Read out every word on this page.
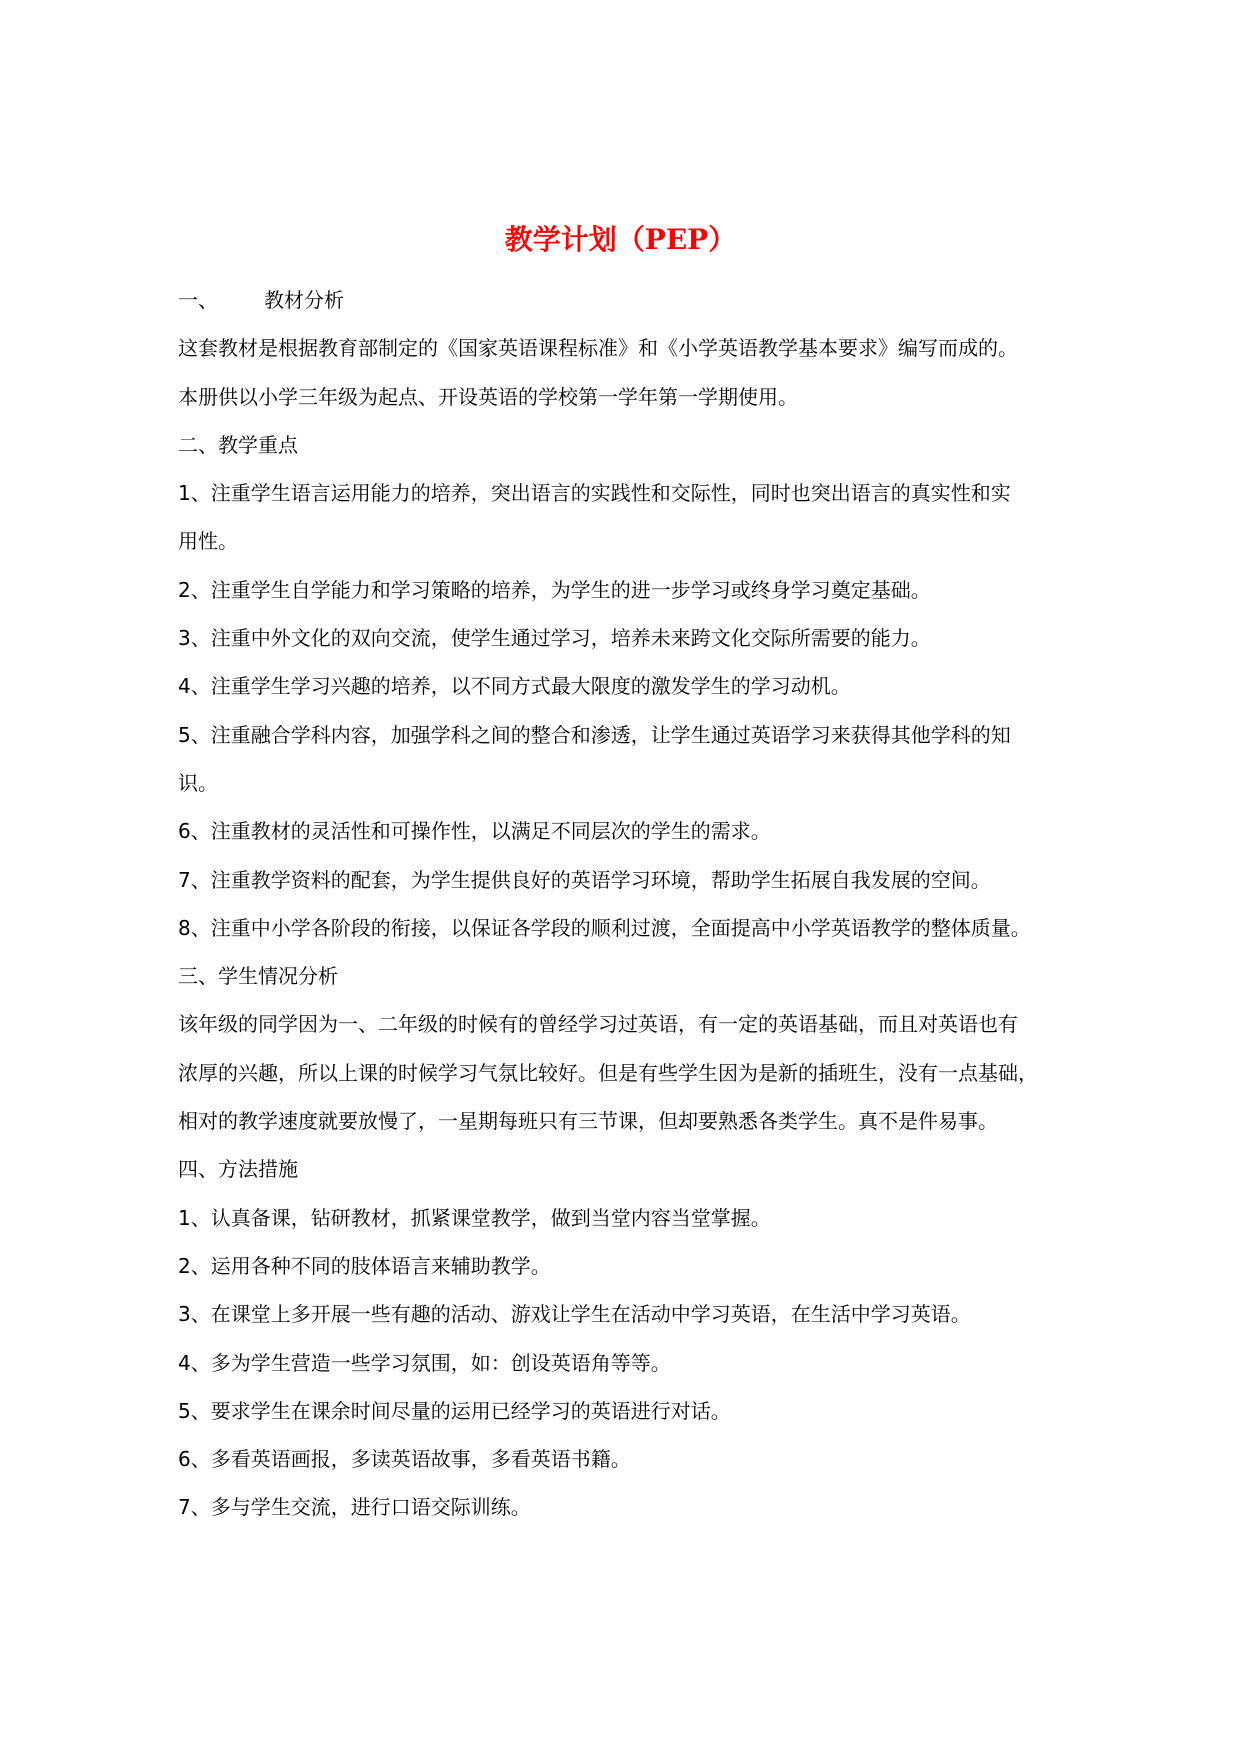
教学计划（PEP）
一、	教材分析
这套教材是根据教育部制定的《国家英语课程标准》和《小学英语教学基本要求》编写而成的。
本册供以小学三年级为起点、开设英语的学校第一学年第一学期使用。
二、教学重点
1、注重学生语言运用能力的培养，突出语言的实践性和交际性，同时也突出语言的真实性和实
用性。
2、注重学生自学能力和学习策略的培养，为学生的进一步学习或终身学习奠定基础。
3、注重中外文化的双向交流，使学生通过学习，培养未来跨文化交际所需要的能力。
4、注重学生学习兴趣的培养，以不同方式最大限度的激发学生的学习动机。
5、注重融合学科内容，加强学科之间的整合和渗透，让学生通过英语学习来获得其他学科的知
识。
6、注重教材的灵活性和可操作性，以满足不同层次的学生的需求。
7、注重教学资料的配套，为学生提供良好的英语学习环境，帮助学生拓展自我发展的空间。
8、注重中小学各阶段的衔接，以保证各学段的顺利过渡，全面提高中小学英语教学的整体质量。
三、学生情况分析
该年级的同学因为一、二年级的时候有的曾经学习过英语，有一定的英语基础，而且对英语也有
浓厚的兴趣，所以上课的时候学习气氛比较好。但是有些学生因为是新的插班生，没有一点基础，
相对的教学速度就要放慢了，一星期每班只有三节课，但却要熟悉各类学生。真不是件易事。
四、方法措施
1、认真备课，钻研教材，抓紧课堂教学，做到当堂内容当堂掌握。
2、运用各种不同的肢体语言来辅助教学。
3、在课堂上多开展一些有趣的活动、游戏让学生在活动中学习英语，在生活中学习英语。
4、多为学生营造一些学习氛围，如：创设英语角等等。
5、要求学生在课余时间尽量的运用已经学习的英语进行对话。
6、多看英语画报，多读英语故事，多看英语书籍。
7、多与学生交流，进行口语交际训练。
